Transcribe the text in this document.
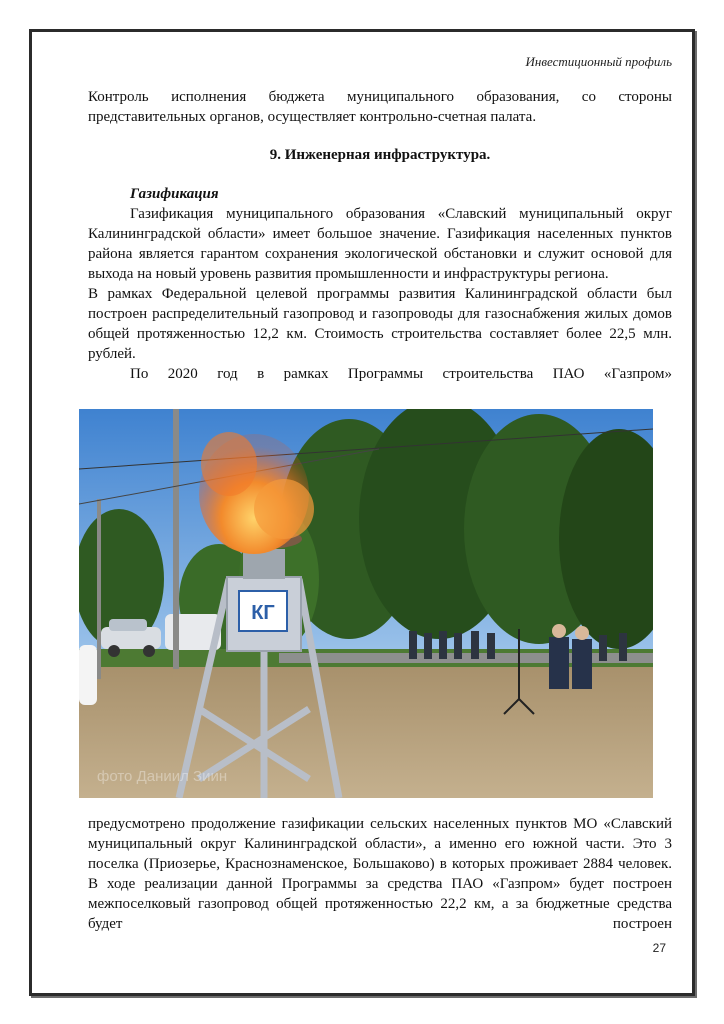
Инвестиционный профиль

Контроль исполнения бюджета муниципального образования, со стороны

представительных органов, осуществляет контрольно-счетная палата.

9. Инженерная инфраструктура.

Газификация

Газификация муниципального образования «Славский муниципальный округ Калининградской области» имеет большое значение. Газификация населенных пунктов района является гарантом сохранения экологической обстановки и служит основой для выхода на новый уровень развития промышленности и инфраструктуры региона.

В рамках Федеральной целевой программы развития Калининградской области был построен распределительный газопровод и газопроводы для газоснабжения жилых домов общей протяженностью 12,2 км. Стоимость строительства составляет более 22,5 млн. рублей.

По 2020 год в рамках Программы строительства ПАО «Газпром»

КГ
фото Даниил Зиин

предусмотрено продолжение газификации сельских населенных пунктов МО «Славский муниципальный округ Калининградской области», а именно его южной части. Это 3 поселка (Приозерье, Краснознаменское, Большаково) в которых проживает 2884 человек. В ходе реализации данной Программы за средства ПАО «Газпром» будет построен межпоселковый газопровод общей протяженностью 22,2 км, а за бюджетные средства будет построен

27
